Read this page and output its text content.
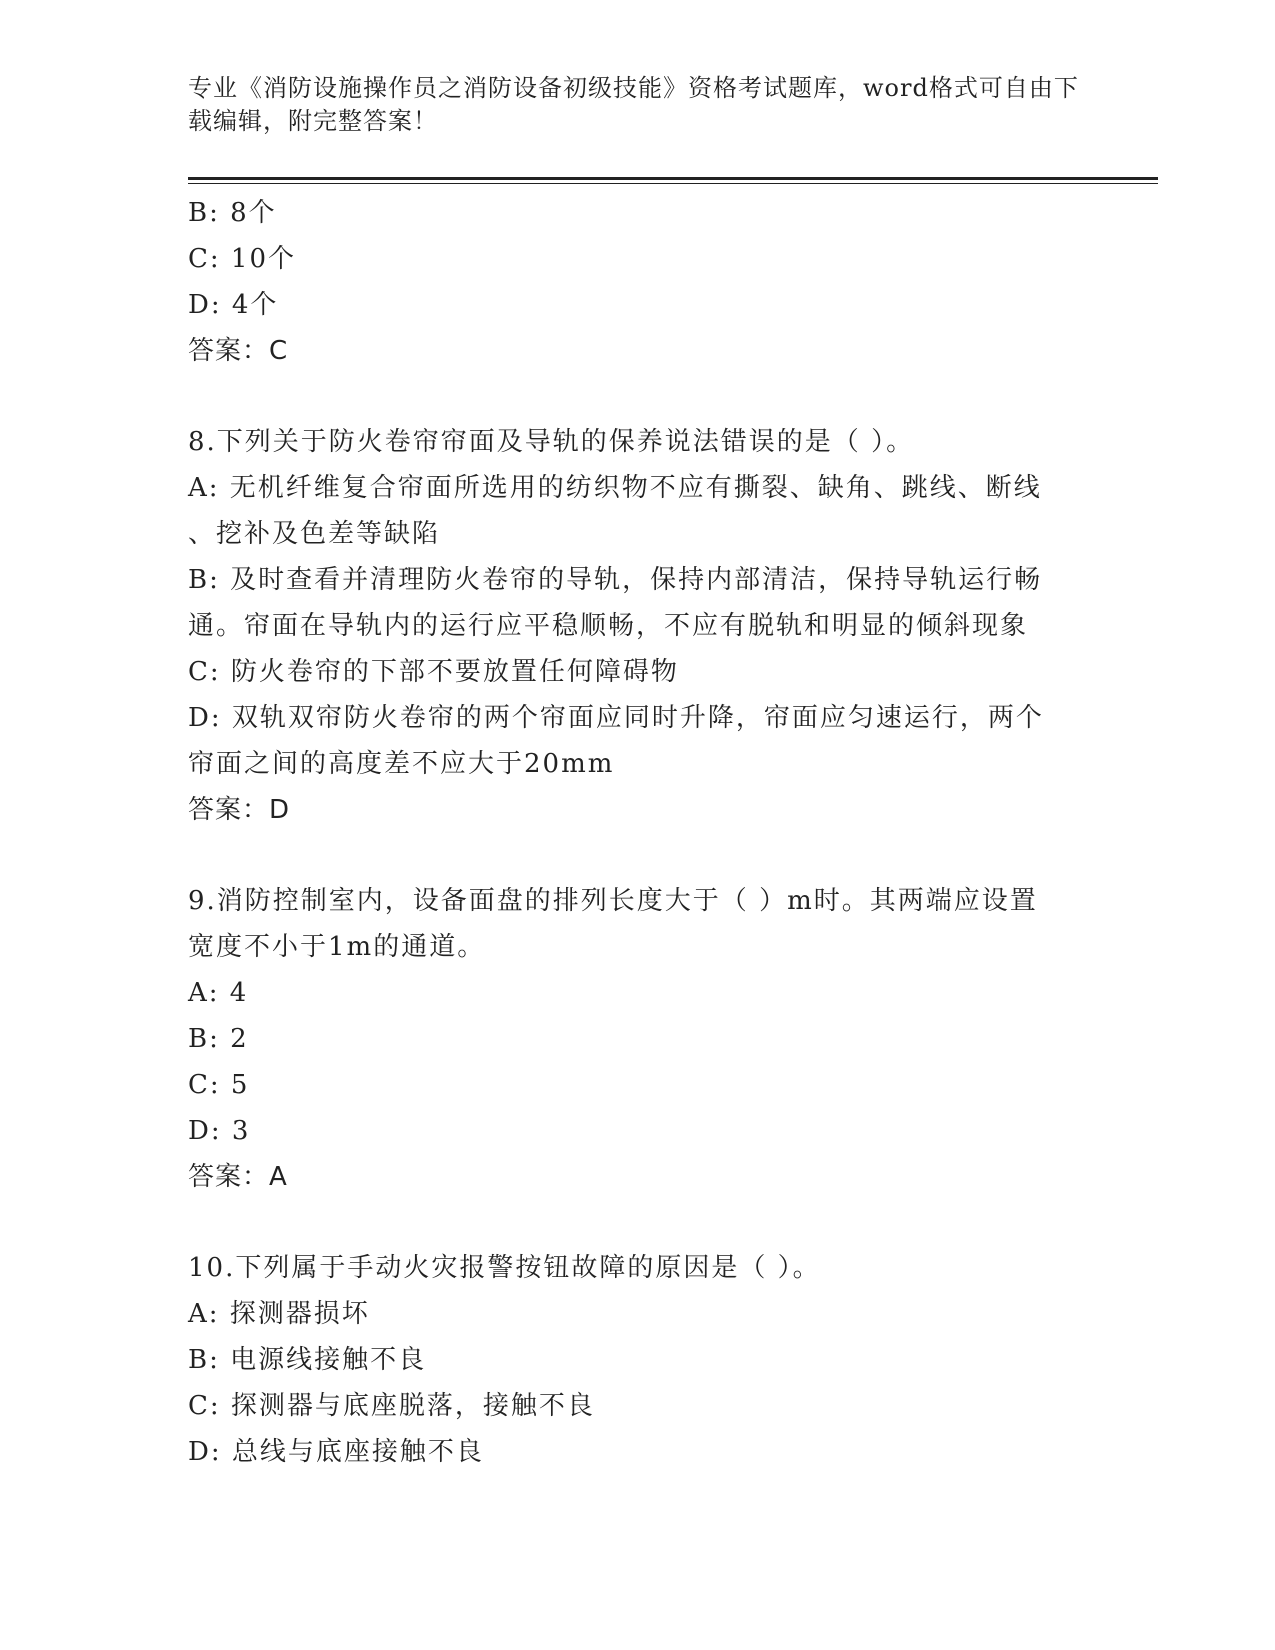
专业《消防设施操作员之消防设备初级技能》资格考试题库，word格式可自由下
载编辑，附完整答案！
B: 8个
C: 10个
D: 4个
答案：C
8.下列关于防火卷帘帘面及导轨的保养说法错误的是（ ）。
A: 无机纤维复合帘面所选用的纺织物不应有撕裂、缺角、跳线、断线
、挖补及色差等缺陷
B: 及时查看并清理防火卷帘的导轨，保持内部清洁，保持导轨运行畅
通。帘面在导轨内的运行应平稳顺畅，不应有脱轨和明显的倾斜现象
C: 防火卷帘的下部不要放置任何障碍物
D: 双轨双帘防火卷帘的两个帘面应同时升降，帘面应匀速运行，两个
帘面之间的高度差不应大于20mm
答案：D
9.消防控制室内，设备面盘的排列长度大于（ ）m时。其两端应设置
宽度不小于1m的通道。
A: 4
B: 2
C: 5
D: 3
答案：A
10.下列属于手动火灾报警按钮故障的原因是（ ）。
A: 探测器损坏
B: 电源线接触不良
C: 探测器与底座脱落，接触不良
D: 总线与底座接触不良
